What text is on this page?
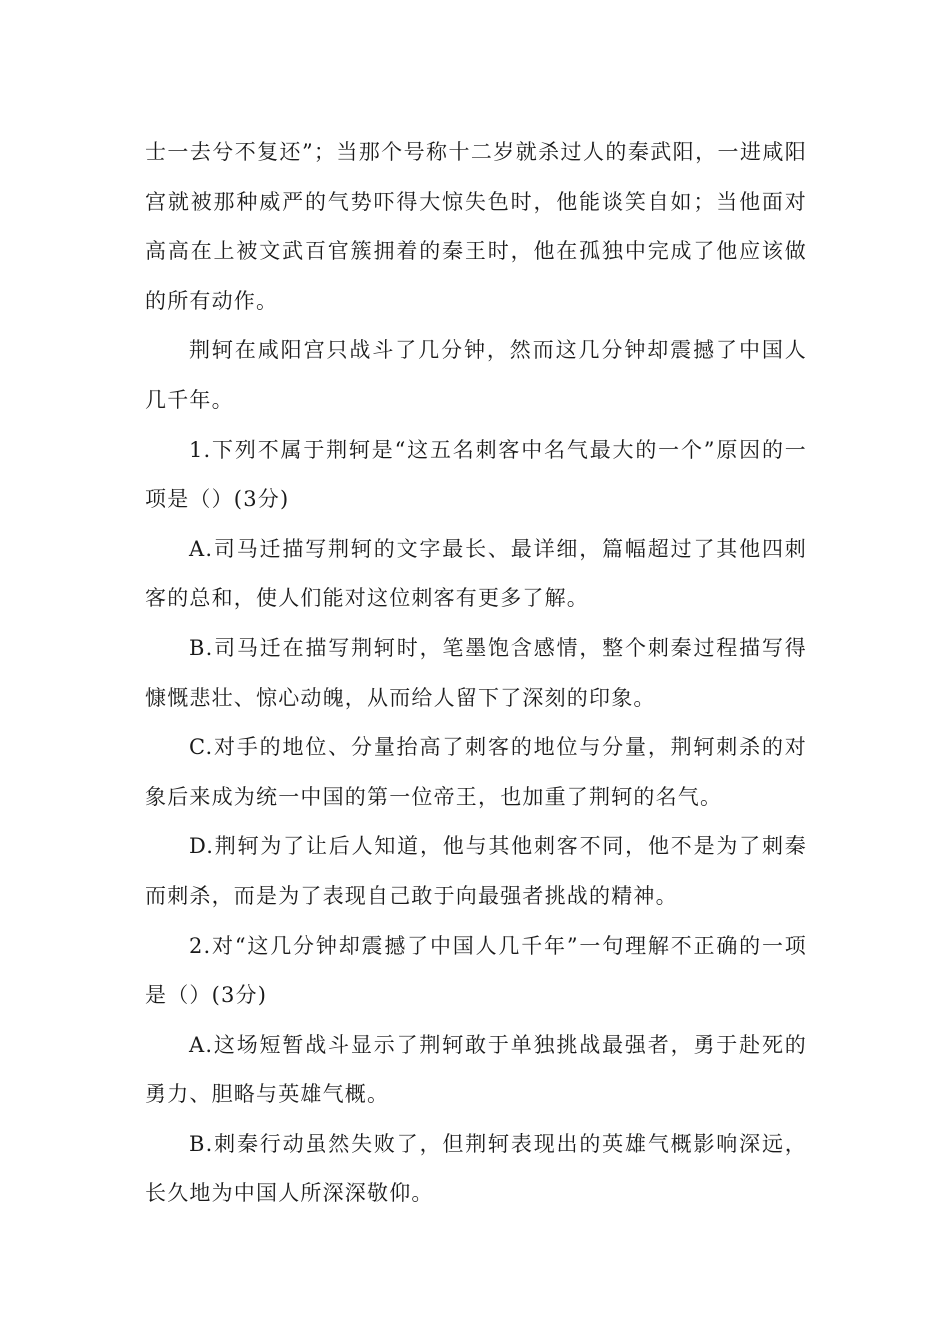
士一去兮不复还”；当那个号称十二岁就杀过人的秦武阳，一进咸阳宫就被那种威严的气势吓得大惊失色时，他能谈笑自如；当他面对高高在上被文武百官簇拥着的秦王时，他在孤独中完成了他应该做的所有动作。

荆轲在咸阳宫只战斗了几分钟，然而这几分钟却震撼了中国人几千年。

1.下列不属于荆轲是“这五名刺客中名气最大的一个”原因的一项是（）(3分)

A.司马迁描写荆轲的文字最长、最详细，篇幅超过了其他四刺客的总和，使人们能对这位刺客有更多了解。

B.司马迁在描写荆轲时，笔墨饱含感情，整个刺秦过程描写得慷慨悲壮、惊心动魄，从而给人留下了深刻的印象。

C.对手的地位、分量抬高了刺客的地位与分量，荆轲刺杀的对象后来成为统一中国的第一位帝王，也加重了荆轲的名气。

D.荆轲为了让后人知道，他与其他刺客不同，他不是为了刺秦而刺杀，而是为了表现自己敢于向最强者挑战的精神。

2.对“这几分钟却震撼了中国人几千年”一句理解不正确的一项是（）(3分)

A.这场短暂战斗显示了荆轲敢于单独挑战最强者，勇于赴死的勇力、胆略与英雄气概。

B.刺秦行动虽然失败了，但荆轲表现出的英雄气概影响深远，长久地为中国人所深深敬仰。
